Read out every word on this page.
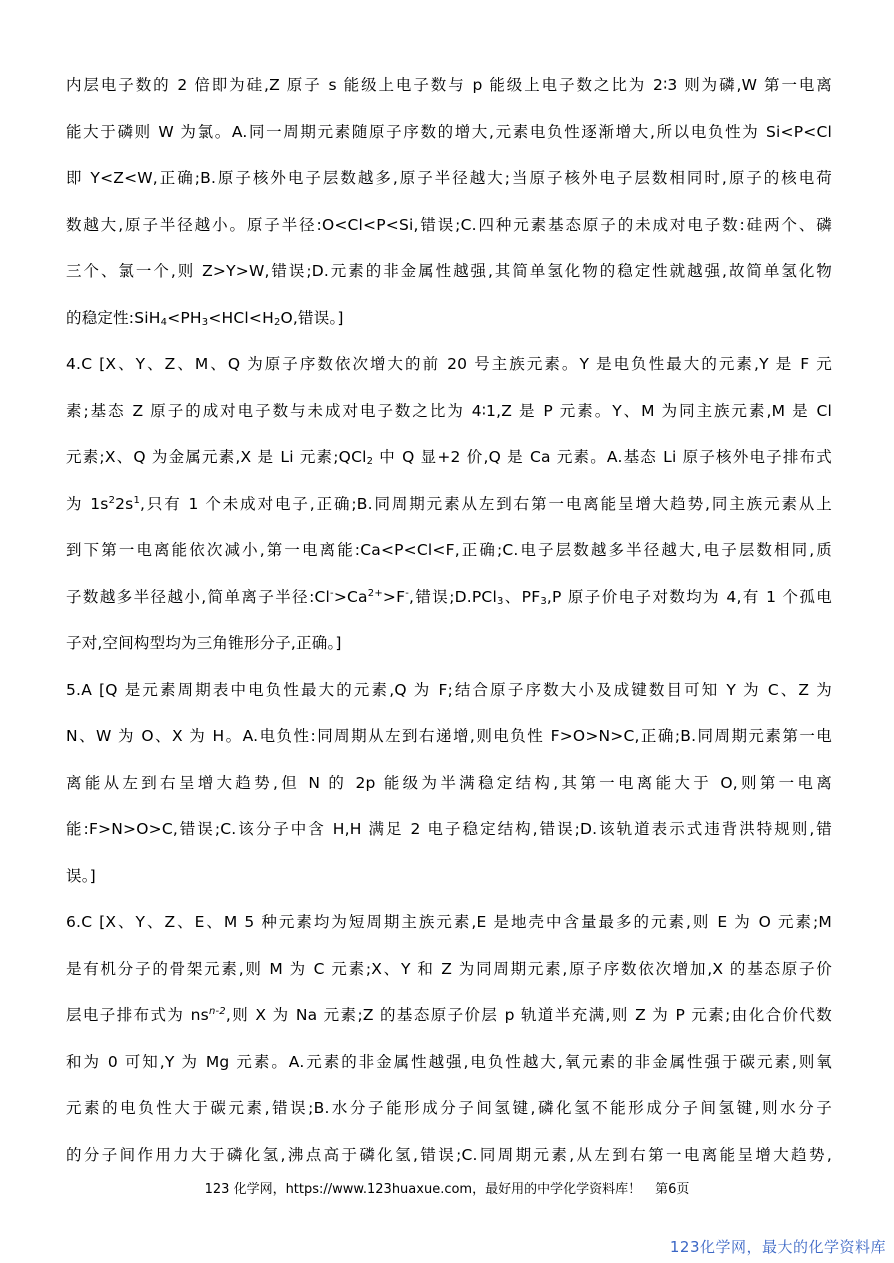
内层电子数的 2 倍即为硅,Z 原子 s 能级上电子数与 p 能级上电子数之比为 2∶3 则为磷,W 第一电离
能大于磷则 W 为氯。A.同一周期元素随原子序数的增大,元素电负性逐渐增大,所以电负性为 Si<P<Cl
即 Y<Z<W,正确;B.原子核外电子层数越多,原子半径越大;当原子核外电子层数相同时,原子的核电荷
数越大,原子半径越小。原子半径:O<Cl<P<Si,错误;C.四种元素基态原子的未成对电子数:硅两个、磷
三个、氯一个,则 Z>Y>W,错误;D.元素的非金属性越强,其简单氢化物的稳定性就越强,故简单氢化物
的稳定性$:SiH_4<PH_3<HCl<H_2O$,错误。]
4.C [X、Y、Z、M、Q 为原子序数依次增大的前 20 号主族元素。Y 是电负性最大的元素,Y 是 F 元
素;基态 Z 原子的成对电子数与未成对电子数之比为 4∶1,Z 是 P 元素。Y、M 为同主族元素,M 是 Cl
元素;X、Q 为金属元素,X 是 Li 元素;QCl$_2$ 中 Q 显+2 价,Q 是 Ca 元素。A.基态 Li 原子核外电子排布式
为 $1s^22s^1$,只有 1 个未成对电子,正确;B.同周期元素从左到右第一电离能呈增大趋势,同主族元素从上
到下第一电离能依次减小,第一电离能:Ca<P<Cl<F,正确;C.电子层数越多半径越大,电子层数相同,质
子数越多半径越小,简单离子半径$:Cl^->Ca^{2+}>F^-$,错误;D.PCl$_3$、$PF_3,P$ 原子价电子对数均为 4,有 1 个孤电
子对,空间构型均为三角锥形分子,正确。]
5.A [Q 是元素周期表中电负性最大的元素,Q 为 F;结合原子序数大小及成键数目可知 Y 为 C、Z 为
N、W 为 O、X 为 H。A.电负性:同周期从左到右递增,则电负性 F>O>N>C,正确;B.同周期元素第一电
离能从左到右呈增大趋势,但 N 的 2p 能级为半满稳定结构,其第一电离能大于 O,则第一电离
能:F>N>O>C,错误;C.该分子中含 H,H 满足 2 电子稳定结构,错误;D.该轨道表示式违背洪特规则,错
误。]
6.C [X、Y、Z、E、M 5 种元素均为短周期主族元素,E 是地壳中含量最多的元素,则 E 为 O 元素;M
是有机分子的骨架元素,则 M 为 C 元素;X、Y 和 Z 为同周期元素,原子序数依次增加,X 的基态原子价
层电子排布式为 $ns^{n-2}$,则 X 为 Na 元素;Z 的基态原子价层 p 轨道半充满,则 Z 为 P 元素;由化合价代数
和为 0 可知,Y 为 Mg 元素。A.元素的非金属性越强,电负性越大,氧元素的非金属性强于碳元素,则氧
元素的电负性大于碳元素,错误;B.水分子能形成分子间氢键,磷化氢不能形成分子间氢键,则水分子
的分子间作用力大于磷化氢,沸点高于磷化氢,错误;C.同周期元素,从左到右第一电离能呈增大趋势,
123 化学网，https://www.123huaxue.com，最好用的中学化学资料库！ 第6页
123化学网，最大的化学资料库
